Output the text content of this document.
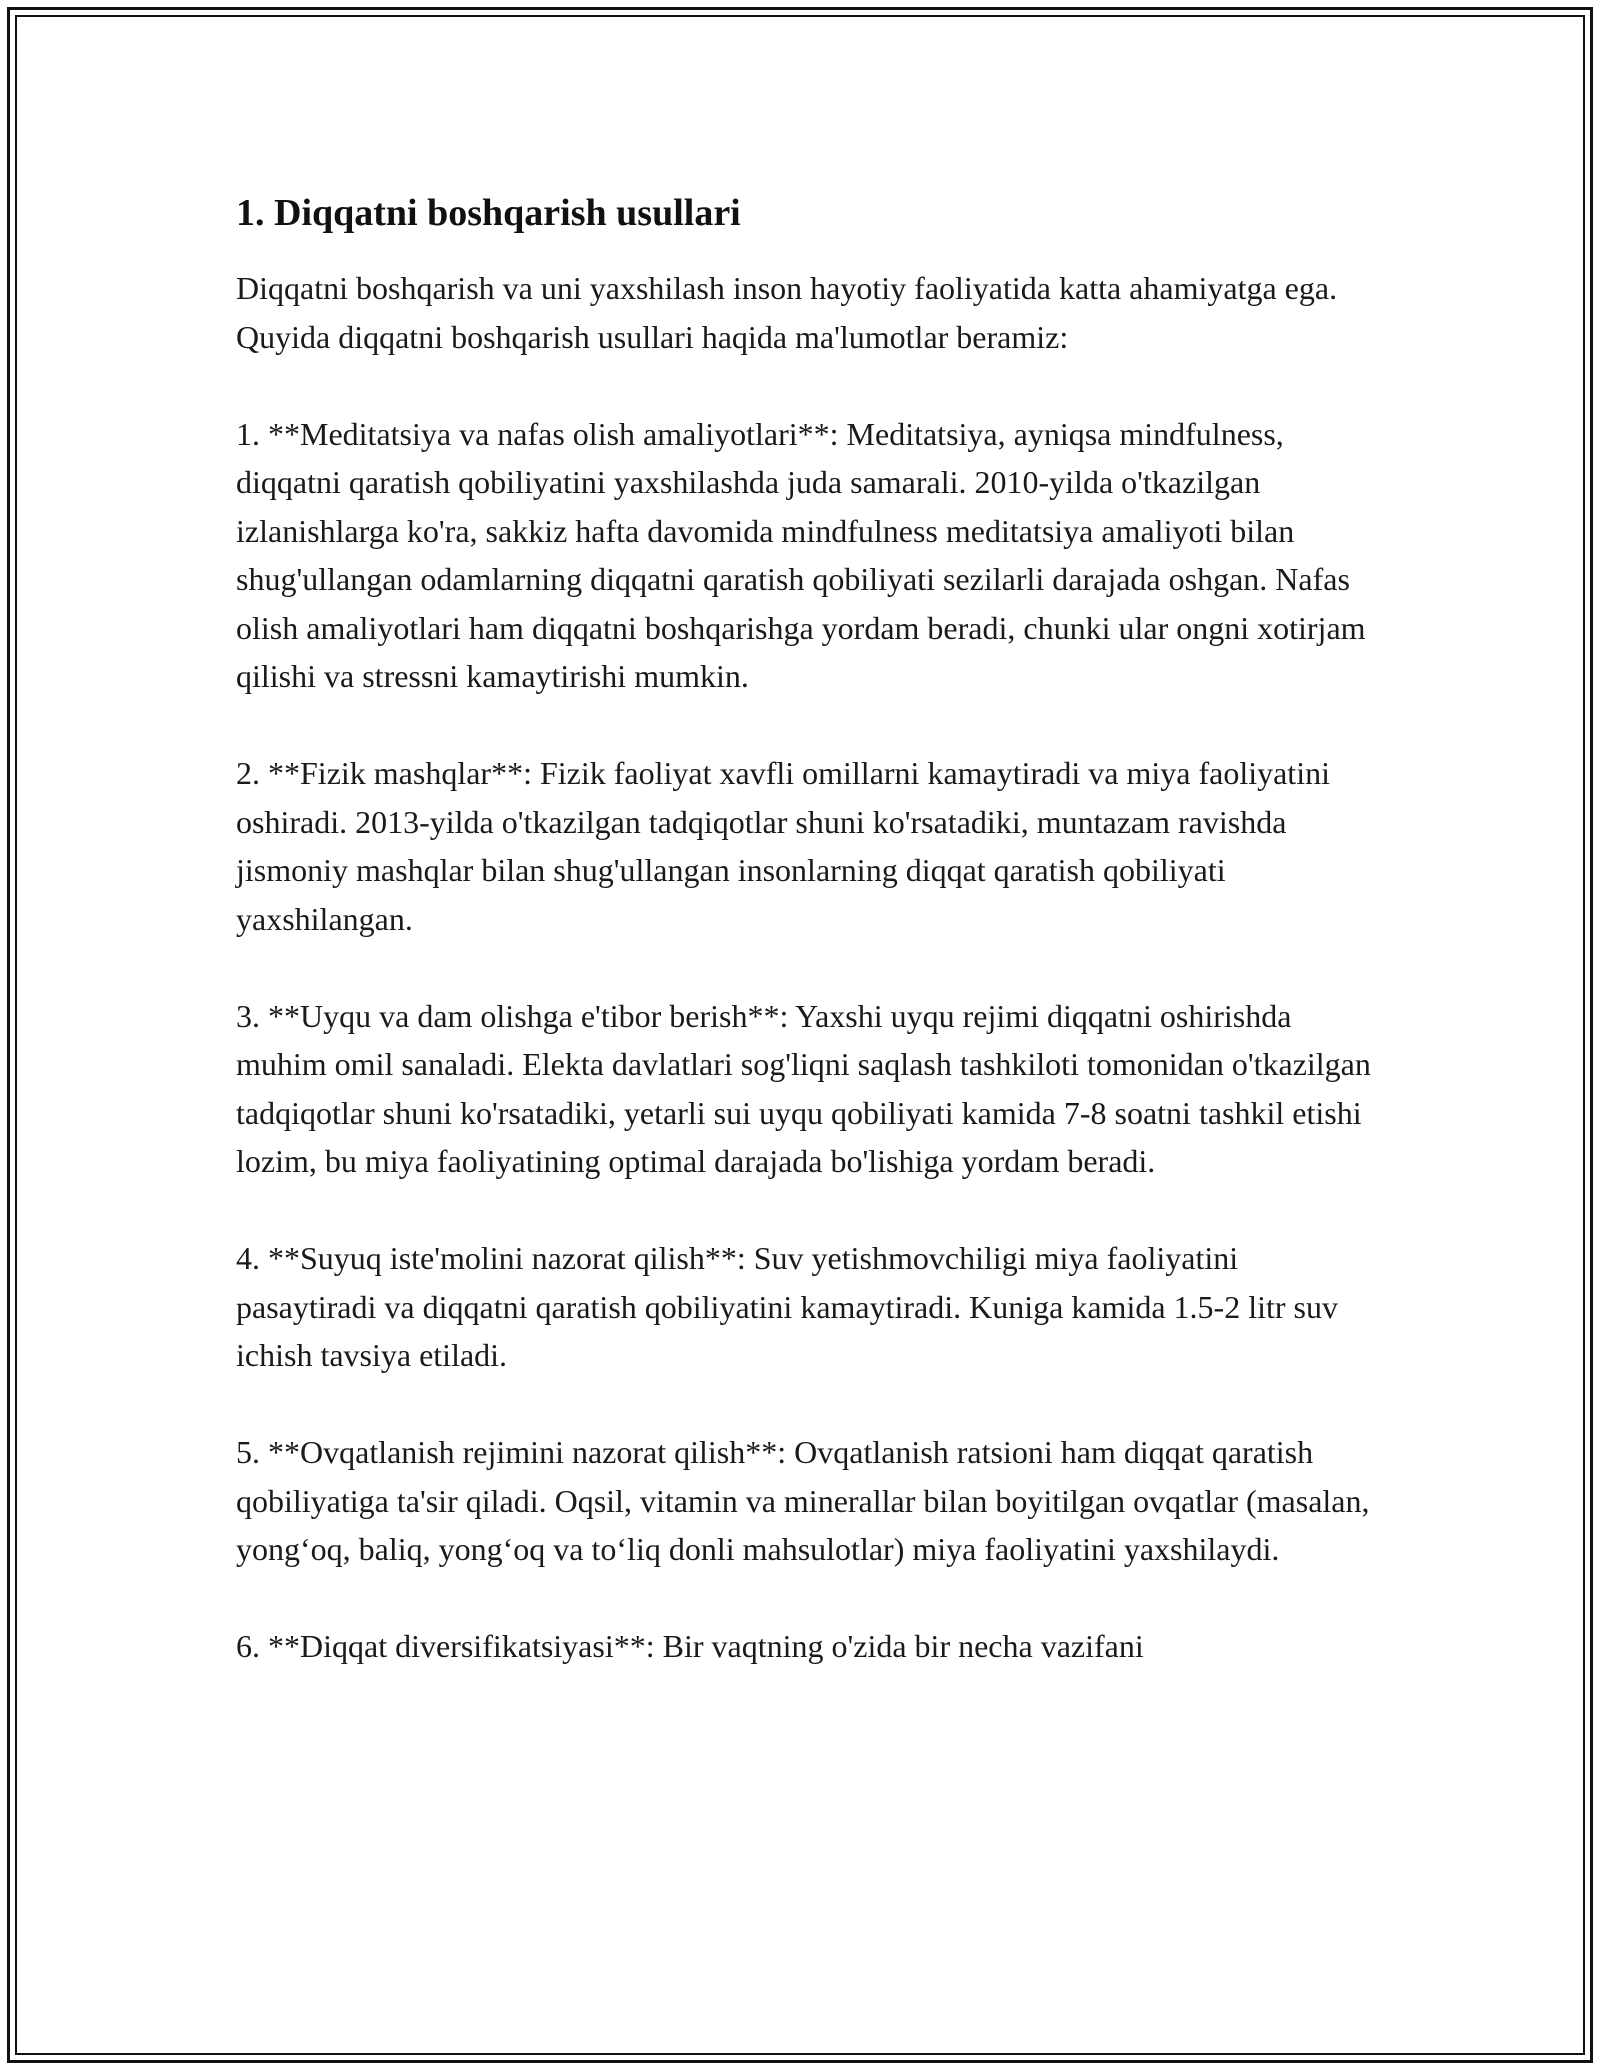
1. Diqqatni boshqarish usullari

Diqqatni boshqarish va uni yaxshilash inson hayotiy faoliyatida katta ahamiyatga ega. Quyida diqqatni boshqarish usullari haqida ma'lumotlar beramiz:

1. **Meditatsiya va nafas olish amaliyotlari**: Meditatsiya, ayniqsa mindfulness, diqqatni qaratish qobiliyatini yaxshilashda juda samarali. 2010-yilda o'tkazilgan izlanishlarga ko'ra, sakkiz hafta davomida mindfulness meditatsiya amaliyoti bilan shug'ullangan odamlarning diqqatni qaratish qobiliyati sezilarli darajada oshgan. Nafas olish amaliyotlari ham diqqatni boshqarishga yordam beradi, chunki ular ongni xotirjam qilishi va stressni kamaytirishi mumkin.

2. **Fizik mashqlar**: Fizik faoliyat xavfli omillarni kamaytiradi va miya faoliyatini oshiradi. 2013-yilda o'tkazilgan tadqiqotlar shuni ko'rsatadiki, muntazam ravishda jismoniy mashqlar bilan shug'ullangan insonlarning diqqat qaratish qobiliyati yaxshilangan.

3. **Uyqu va dam olishga e'tibor berish**: Yaxshi uyqu rejimi diqqatni oshirishda muhim omil sanaladi. Elekta davlatlari sog'liqni saqlash tashkiloti tomonidan o'tkazilgan tadqiqotlar shuni ko'rsatadiki, yetarli sui uyqu qobiliyati kamida 7-8 soatni tashkil etishi lozim, bu miya faoliyatining optimal darajada bo'lishiga yordam beradi.

4. **Suyuq iste'molini nazorat qilish**: Suv yetishmovchiligi miya faoliyatini pasaytiradi va diqqatni qaratish qobiliyatini kamaytiradi. Kuniga kamida 1.5-2 litr suv ichish tavsiya etiladi.

5. **Ovqatlanish rejimini nazorat qilish**: Ovqatlanish ratsioni ham diqqat qaratish qobiliyatiga ta'sir qiladi. Oqsil, vitamin va minerallar bilan boyitilgan ovqatlar (masalan, yong‘oq, baliq, yong‘oq va to‘liq donli mahsulotlar) miya faoliyatini yaxshilaydi.

6. **Diqqat diversifikatsiyasi**: Bir vaqtning o'zida bir necha vazifani
